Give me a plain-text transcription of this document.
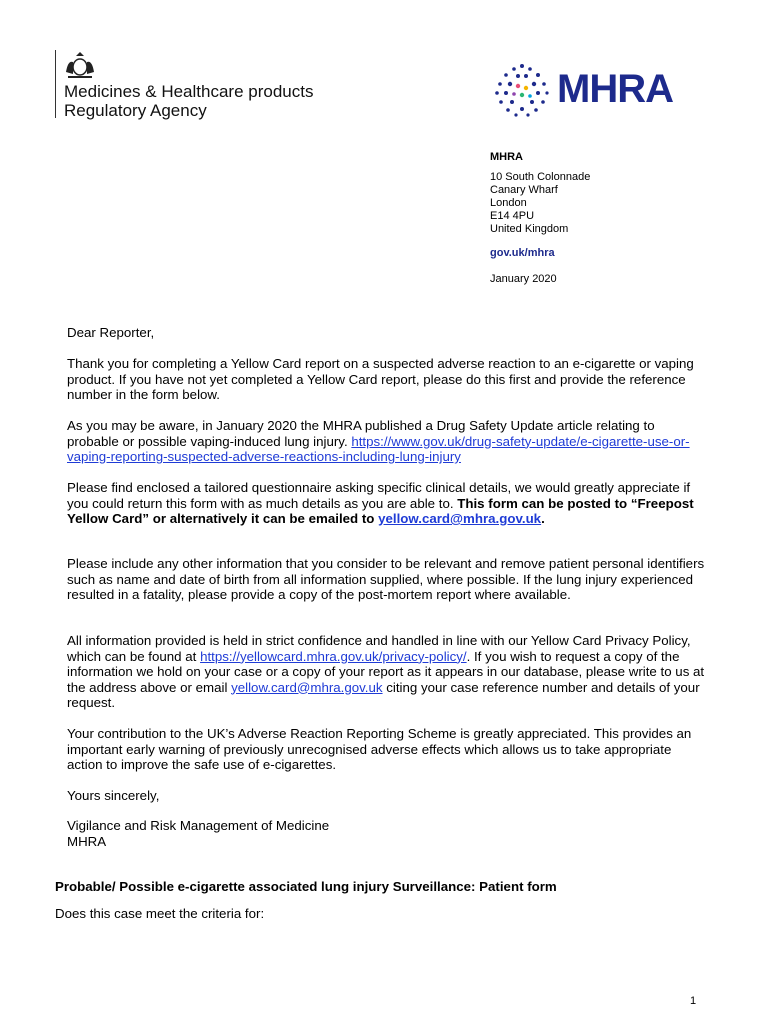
Medicines & Healthcare products
Regulatory Agency	MHRA
MHRA
10 South Colonnade
Canary Wharf
London
E14 4PU
United Kingdom
gov.uk/mhra
January 2020
Dear Reporter,
Thank you for completing a Yellow Card report on a suspected adverse reaction to an e-cigarette or vaping product. If you have not yet completed a Yellow Card report, please do this first and provide the reference number in the form below.
As you may be aware, in January 2020 the MHRA published a Drug Safety Update article relating to probable or possible vaping-induced lung injury. https://www.gov.uk/drug-safety-update/e-cigarette-use-or-vaping-reporting-suspected-adverse-reactions-including-lung-injury
Please find enclosed a tailored questionnaire asking specific clinical details, we would greatly appreciate if you could return this form with as much details as you are able to. This form can be posted to “Freepost Yellow Card” or alternatively it can be emailed to yellow.card@mhra.gov.uk.
Please include any other information that you consider to be relevant and remove patient personal identifiers such as name and date of birth from all information supplied, where possible. If the lung injury experienced resulted in a fatality, please provide a copy of the post-mortem report where available.
All information provided is held in strict confidence and handled in line with our Yellow Card Privacy Policy, which can be found at https://yellowcard.mhra.gov.uk/privacy-policy/. If you wish to request a copy of the information we hold on your case or a copy of your report as it appears in our database, please write to us at the address above or email yellow.card@mhra.gov.uk citing your case reference number and details of your request.
Your contribution to the UK’s Adverse Reaction Reporting Scheme is greatly appreciated. This provides an important early warning of previously unrecognised adverse effects which allows us to take appropriate action to improve the safe use of e-cigarettes.
Yours sincerely,
Vigilance and Risk Management of Medicine
MHRA
Probable/ Possible e-cigarette associated lung injury Surveillance: Patient form
Does this case meet the criteria for:
1
